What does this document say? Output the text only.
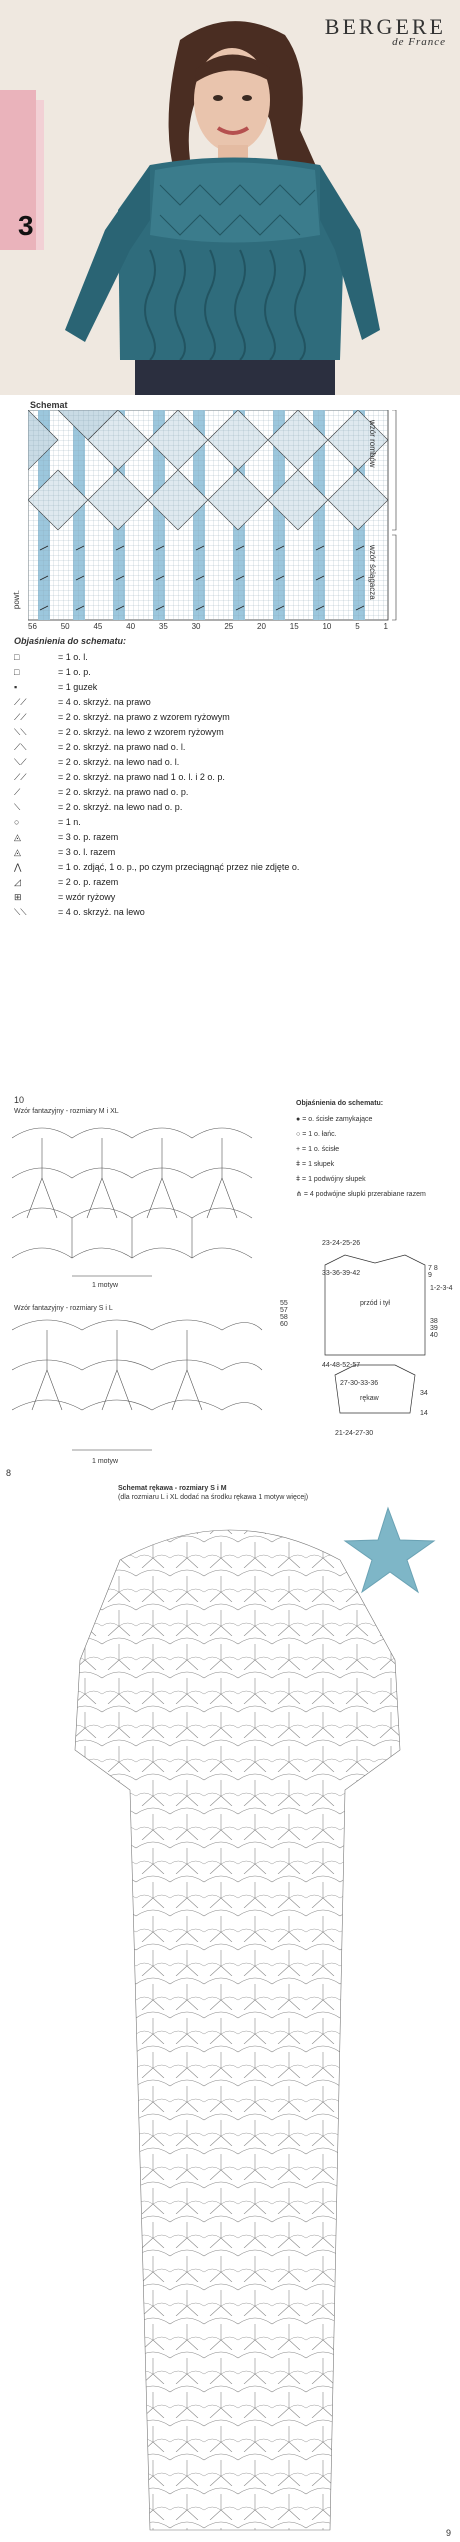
BERGERE
de France
3
Schemat
wzór rombów
wzór ściągacza
powt.
56	50	45	40	35	30	25	20	15	10	5	1
Objaśnienia do schematu:
□	= 1 o. l.
□	= 1 o. p.
▪	= 1 guzek
⟋⟋	= 4 o. skrzyż. na prawo
⟋⟋	= 2 o. skrzyż. na prawo z wzorem ryżowym
⟍⟍	= 2 o. skrzyż. na lewo z wzorem ryżowym
⟋⟍	= 2 o. skrzyż. na prawo nad o. l.
⟍⟋	= 2 o. skrzyż. na lewo nad o. l.
⟋⟋	= 2 o. skrzyż. na prawo nad 1 o. l. i 2 o. p.
⟋	= 2 o. skrzyż. na prawo nad o. p.
⟍	= 2 o. skrzyż. na lewo nad o. p.
○	= 1 n.
◬	= 3 o. p. razem
◬	= 3 o. l. razem
⋀	= 1 o. zdjąć, 1 o. p., po czym przeciągnąć przez nie zdjęte o.
◿	= 2 o. p. razem
⊞	= wzór ryżowy
⟍⟍	= 4 o. skrzyż. na lewo
10
Wzór fantazyjny - rozmiary M i XL
1 motyw
Wzór fantazyjny - rozmiary S i L
1 motyw
Objaśnienia do schematu:
● = o. ścisłe zamykające
○ = 1 o. łańc.
+ = 1 o. ścisłe
ǂ = 1 słupek
ǂ = 1 podwójny słupek
⋔ = 4 podwójne słupki przerabiane razem
23-24-25-26
33-36-39-42
przód i tył
44-48-52-57
27-30-33-36
rękaw
21-24-27-30
55 57 58 60
7 8 9
1-2-3-4
38 39 40
34
14
8
Schemat rękawa - rozmiary S i M
(dla rozmiaru L i XL dodać na środku rękawa 1 motyw więcej)
9
